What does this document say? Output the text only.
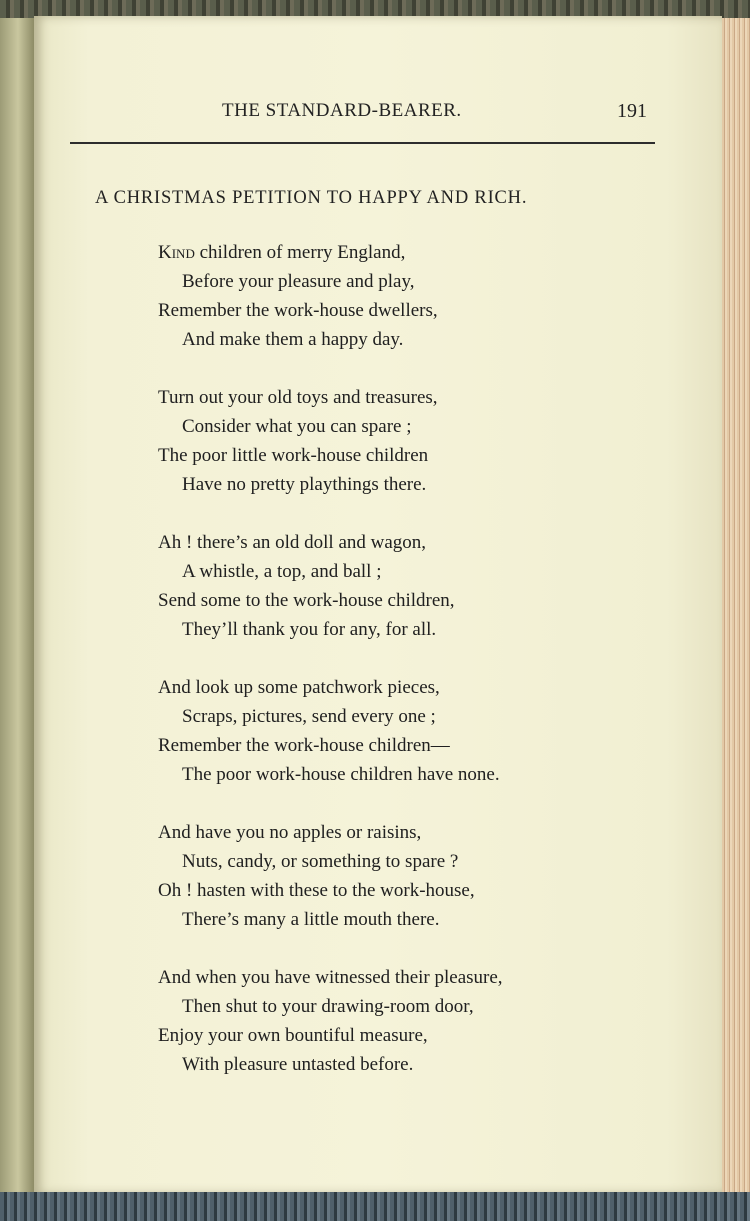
THE STANDARD-BEARER.	191
A CHRISTMAS PETITION TO HAPPY AND RICH.
Kind children of merry England,
Before your pleasure and play,
Remember the work-house dwellers,
And make them a happy day.
Turn out your old toys and treasures,
Consider what you can spare ;
The poor little work-house children
Have no pretty playthings there.
Ah ! there’s an old doll and wagon,
A whistle, a top, and ball ;
Send some to the work-house children,
They’ll thank you for any, for all.
And look up some patchwork pieces,
Scraps, pictures, send every one ;
Remember the work-house children—
The poor work-house children have none.
And have you no apples or raisins,
Nuts, candy, or something to spare ?
Oh ! hasten with these to the work-house,
There’s many a little mouth there.
And when you have witnessed their pleasure,
Then shut to your drawing-room door,
Enjoy your own bountiful measure,
With pleasure untasted before.
